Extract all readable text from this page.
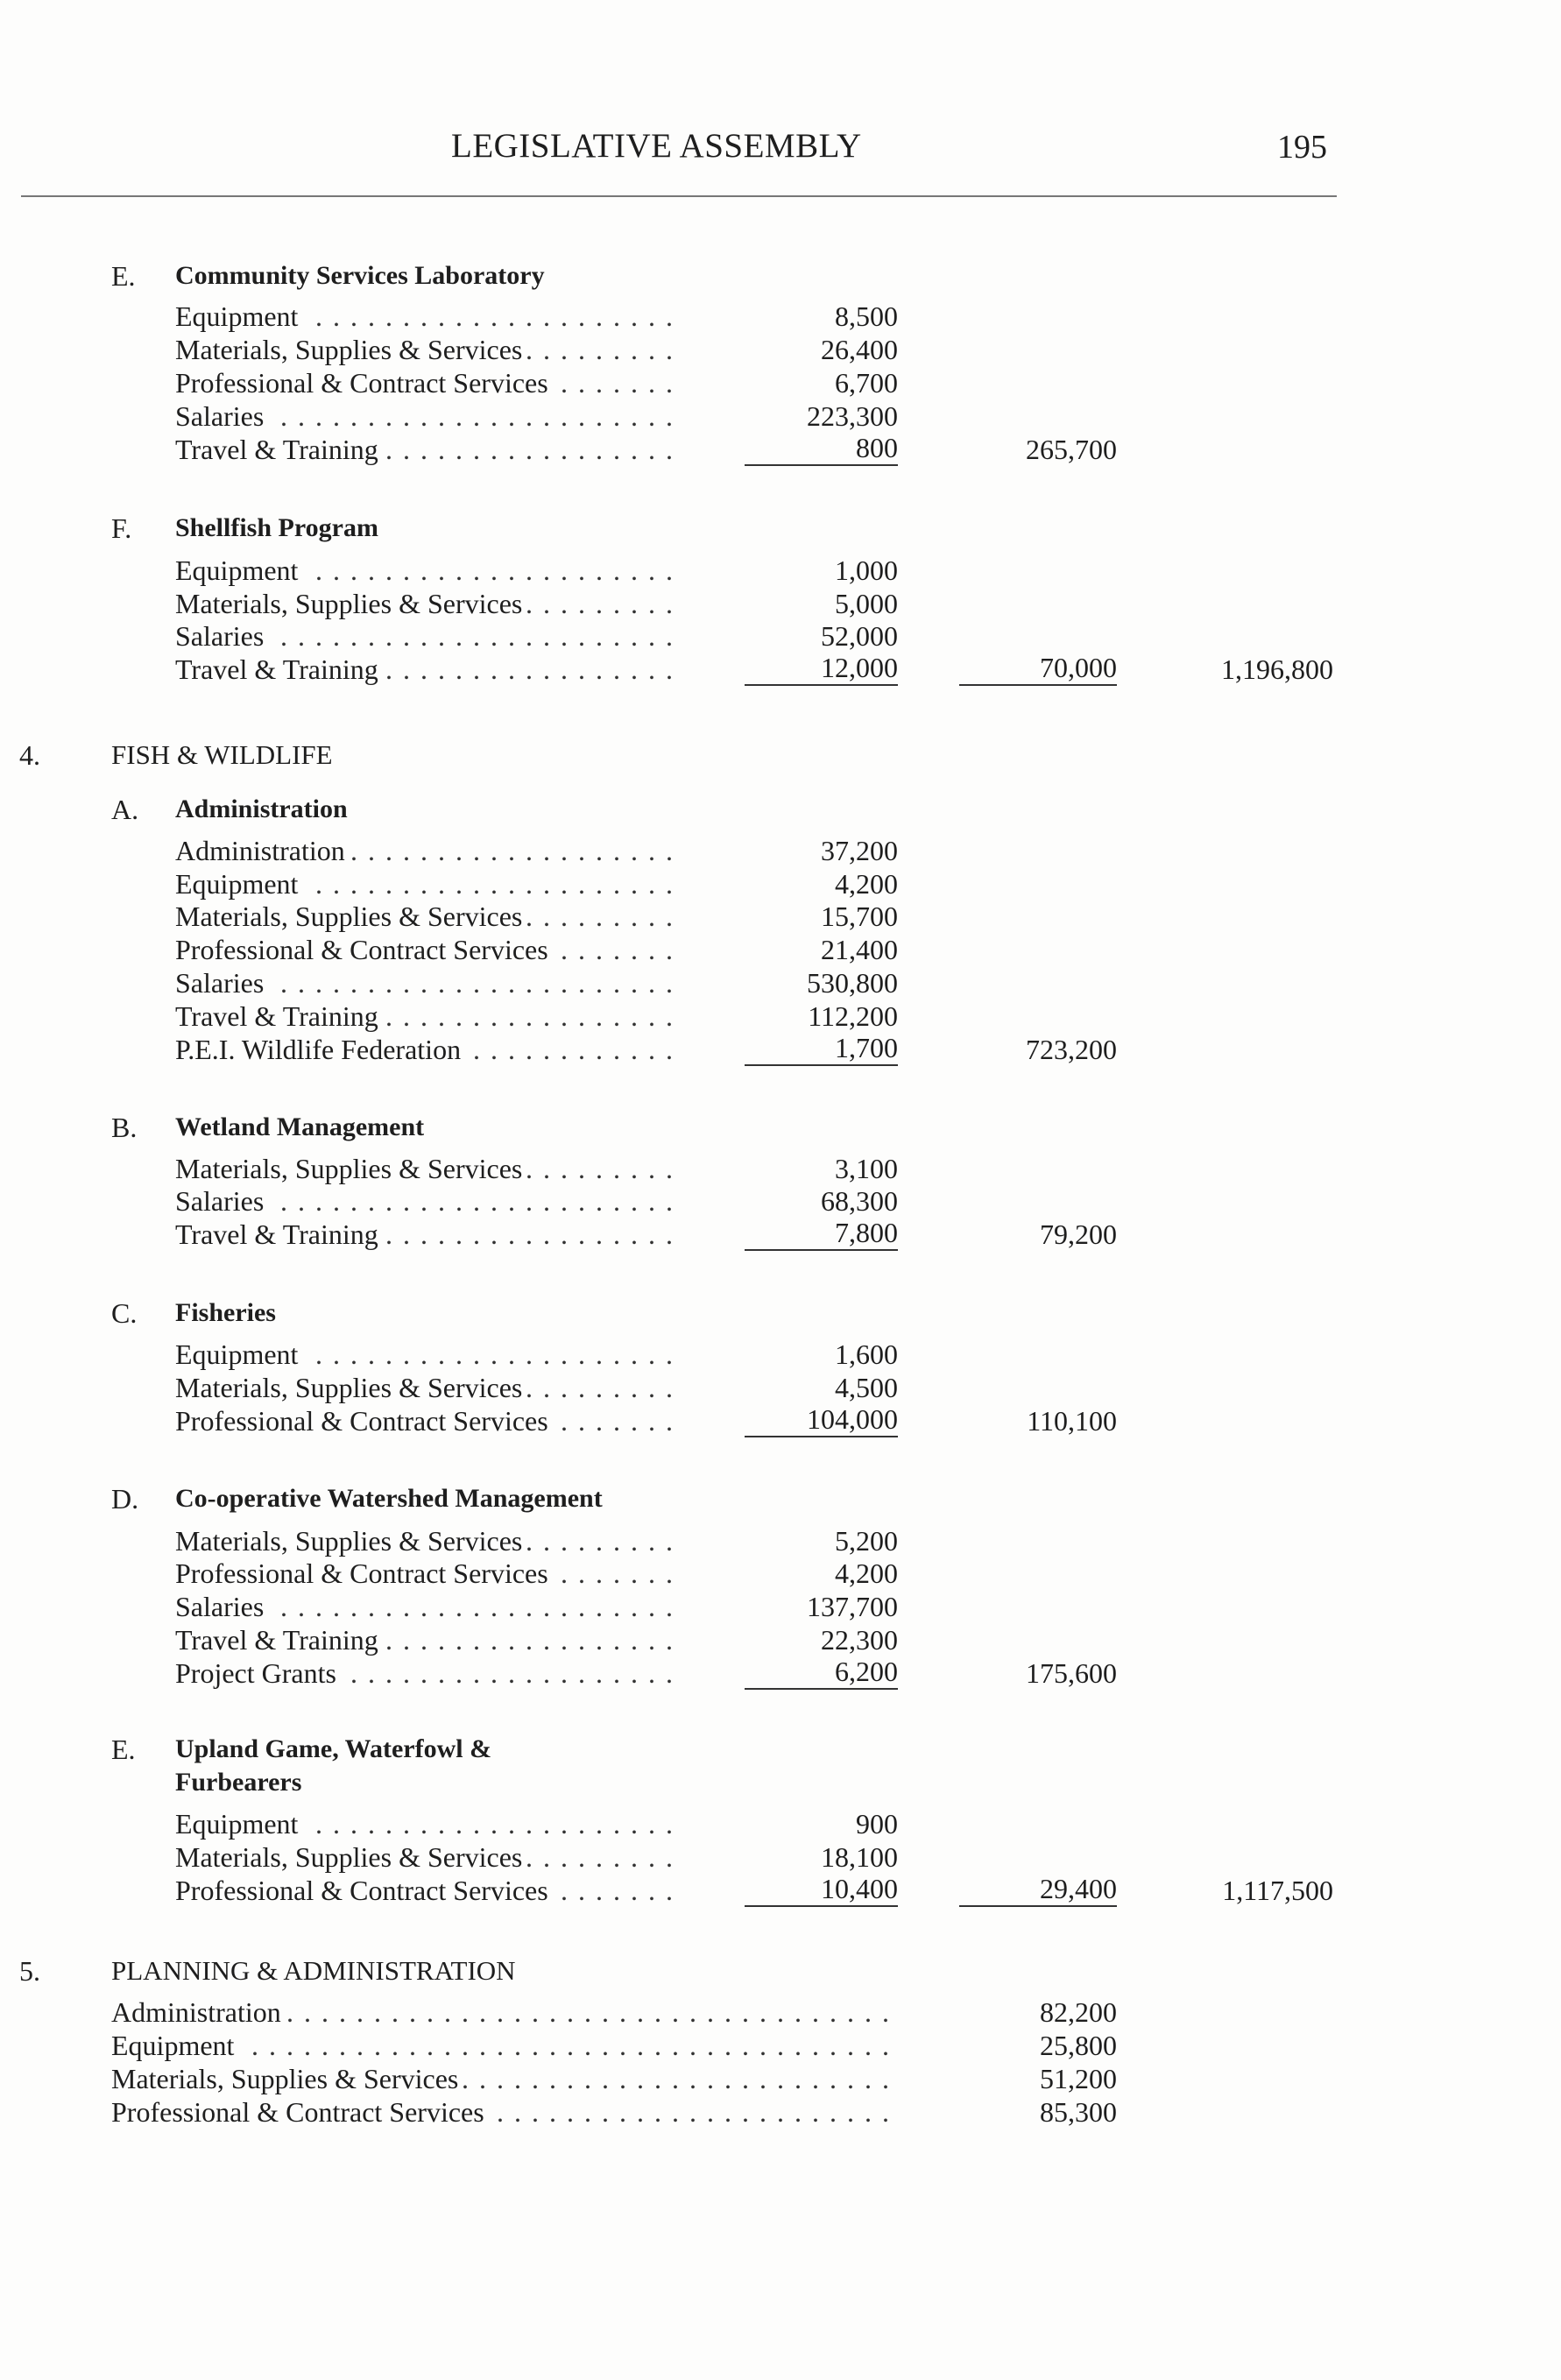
LEGISLATIVE ASSEMBLY	195
E.	Community Services Laboratory
Equipment . . .	8,500
Materials, Supplies & Services . . .	26,400
Professional & Contract Services . . .	6,700
Salaries . . .	223,300
Travel & Training . . .	800	265,700
F.	Shellfish Program
Equipment . . .	1,000
Materials, Supplies & Services . . .	5,000
Salaries . . .	52,000
Travel & Training . . .	12,000	70,000	1,196,800
4.	FISH & WILDLIFE
A.	Administration
Administration . . .	37,200
Equipment . . .	4,200
Materials, Supplies & Services . . .	15,700
Professional & Contract Services . . .	21,400
Salaries . . .	530,800
Travel & Training . . .	112,200
P.E.I. Wildlife Federation . . .	1,700	723,200
B.	Wetland Management
Materials, Supplies & Services . . .	3,100
Salaries . . .	68,300
Travel & Training . . .	7,800	79,200
C.	Fisheries
Equipment . . .	1,600
Materials, Supplies & Services . . .	4,500
Professional & Contract Services . . .	104,000	110,100
D.	Co-operative Watershed Management
Materials, Supplies & Services . . .	5,200
Professional & Contract Services . . .	4,200
Salaries . . .	137,700
Travel & Training . . .	22,300
Project Grants . . .	6,200	175,600
E.	Upland Game, Waterfowl &
Furbearers
Equipment . . .	900
Materials, Supplies & Services . . .	18,100
Professional & Contract Services . . .	10,400	29,400	1,117,500
5.	PLANNING & ADMINISTRATION
Administration . . .	82,200
Equipment . . .	25,800
Materials, Supplies & Services . . .	51,200
Professional & Contract Services . . .	85,300
